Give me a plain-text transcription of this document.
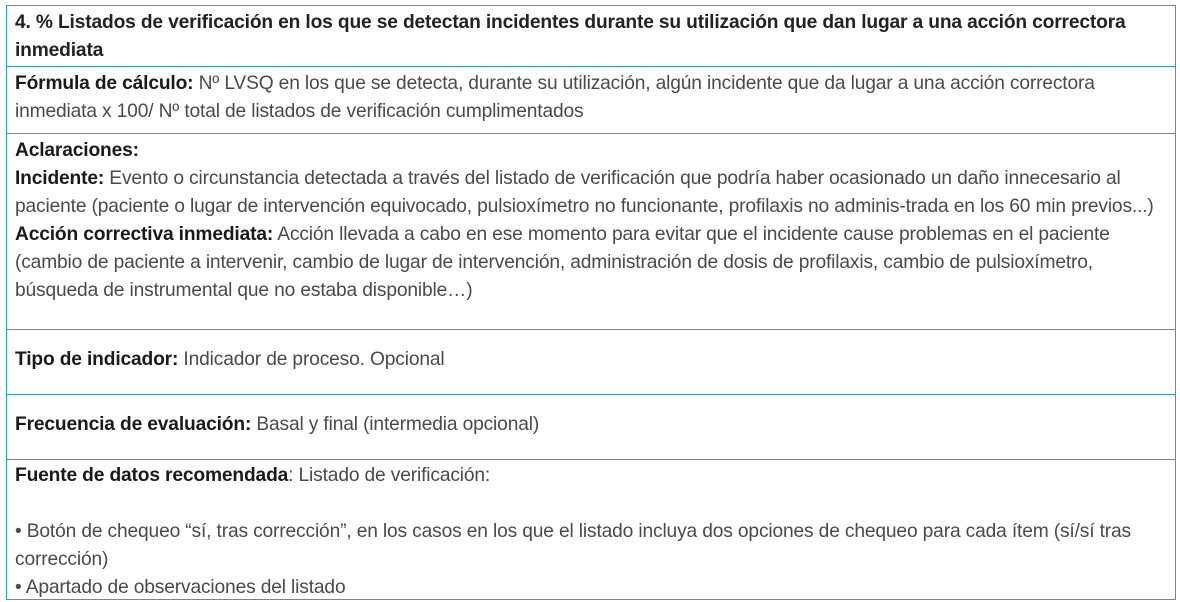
4. % Listados de verificación en los que se detectan incidentes durante su utilización que dan lugar a una acción correctora inmediata

Fórmula de cálculo: Nº LVSQ en los que se detecta, durante su utilización, algún incidente que da lugar a una acción correctora inmediata x 100/ Nº total de listados de verificación cumplimentados

Aclaraciones:

Incidente: Evento o circunstancia detectada a través del listado de verificación que podría haber ocasionado un daño innecesario al paciente (paciente o lugar de intervención equivocado, pulsioxímetro no funcionante, profilaxis no adminis-trada en los 60 min previos...)

Acción correctiva inmediata: Acción llevada a cabo en ese momento para evitar que el incidente cause problemas en el paciente (cambio de paciente a intervenir, cambio de lugar de intervención, administración de dosis de profilaxis, cambio de pulsioxímetro, búsqueda de instrumental que no estaba disponible…)

Tipo de indicador: Indicador de proceso. Opcional

Frecuencia de evaluación: Basal y final (intermedia opcional)

Fuente de datos recomendada: Listado de verificación:

• Botón de chequeo “sí, tras corrección”, en los casos en los que el listado incluya dos opciones de chequeo para cada ítem (sí/sí tras corrección)

• Apartado de observaciones del listado
